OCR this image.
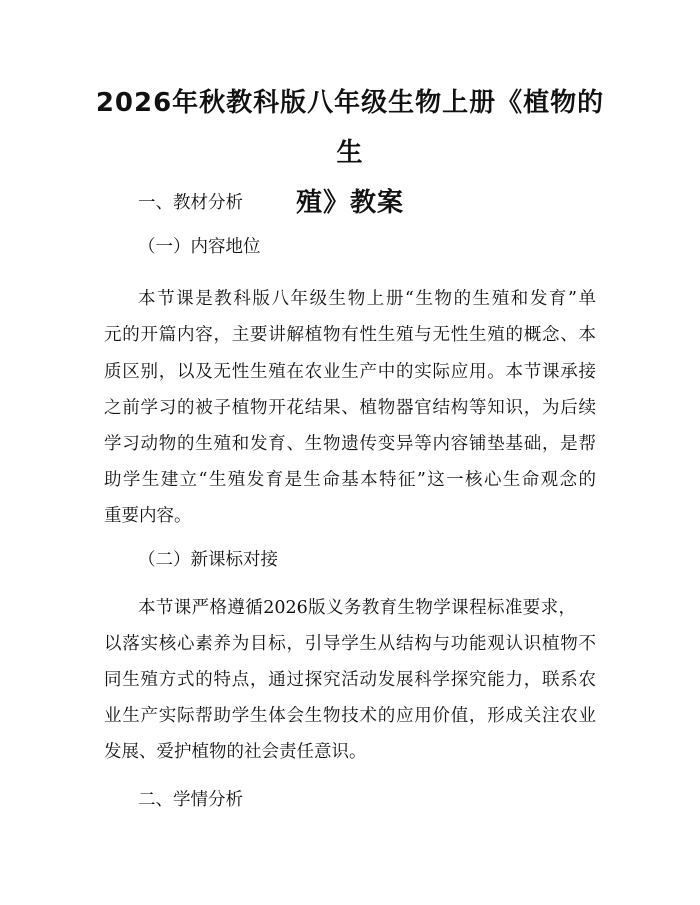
2026年秋教科版八年级生物上册《植物的生
殖》教案
一、教材分析
（一）内容地位
本节课是教科版八年级生物上册“生物的生殖和发育”单
元的开篇内容，主要讲解植物有性生殖与无性生殖的概念、本
质区别，以及无性生殖在农业生产中的实际应用。本节课承接
之前学习的被子植物开花结果、植物器官结构等知识，为后续
学习动物的生殖和发育、生物遗传变异等内容铺垫基础，是帮
助学生建立“生殖发育是生命基本特征”这一核心生命观念的
重要内容。
（二）新课标对接
本节课严格遵循2026版义务教育生物学课程标准要求，
以落实核心素养为目标，引导学生从结构与功能观认识植物不
同生殖方式的特点，通过探究活动发展科学探究能力，联系农
业生产实际帮助学生体会生物技术的应用价值，形成关注农业
发展、爱护植物的社会责任意识。
二、学情分析
